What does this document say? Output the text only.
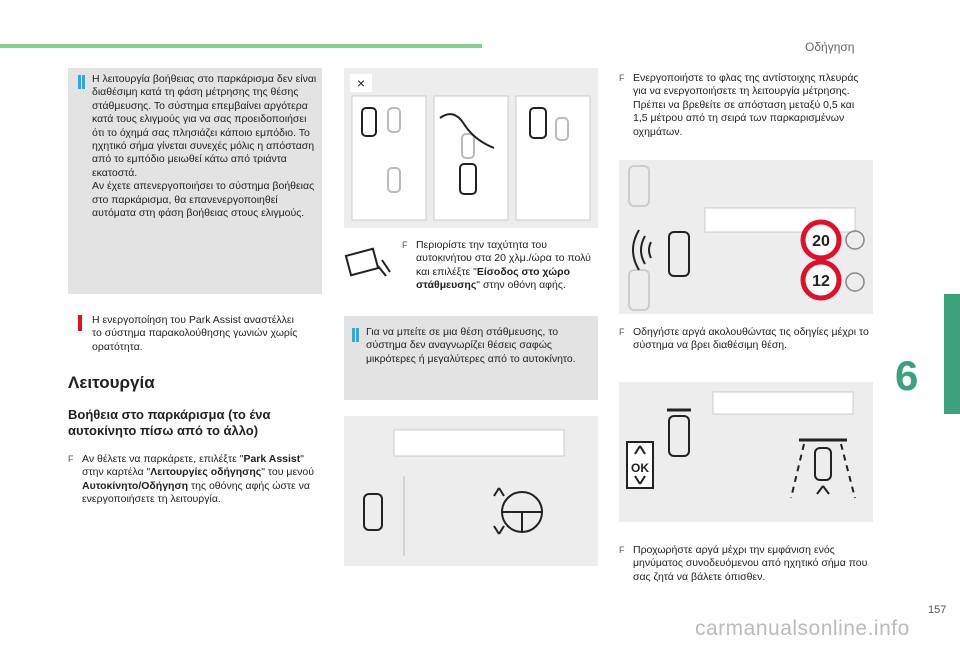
Οδήγηση
Η λειτουργία βοήθειας στο παρκάρισμα δεν είναι
διαθέσιμη κατά τη φάση μέτρησης της θέσης
στάθμευσης. Το σύστημα επεμβαίνει αργότερα
κατά τους ελιγμούς για να σας προειδοποιήσει
ότι το όχημά σας πλησιάζει κάποιο εμπόδιο. Το
ηχητικό σήμα γίνεται συνεχές μόλις η απόσταση
από το εμπόδιο μειωθεί κάτω από τριάντα
εκατοστά.
Αν έχετε απενεργοποιήσει το σύστημα βοήθειας
στο παρκάρισμα, θα επανενεργοποιηθεί
αυτόματα στη φάση βοήθειας στους ελιγμούς.
Η ενεργοποίηση του Park Assist αναστέλλει
το σύστημα παρακολούθησης γωνιών χωρίς
ορατότητα.
Λειτουργία
Βοήθεια στο παρκάρισμα (το ένα
αυτοκίνητο πίσω από το άλλο)
F Αν θέλετε να παρκάρετε, επιλέξτε "Park Assist"
στην καρτέλα "Λειτουργίες οδήγησης" του μενού
Αυτοκίνητο/Οδήγηση της οθόνης αφής ώστε να
ενεργοποιήσετε τη λειτουργία.
×
F Περιορίστε την ταχύτητα του
αυτοκινήτου στα 20 χλμ./ώρα το πολύ
και επιλέξτε "Είσοδος στο χώρο
στάθμευσης" στην οθόνη αφής.
Για να μπείτε σε μια θέση στάθμευσης, το
σύστημα δεν αναγνωρίζει θέσεις σαφώς
μικρότερες ή μεγαλύτερες από το αυτοκίνητο.
F Ενεργοποιήστε το φλας της αντίστοιχης πλευράς
για να ενεργοποιήσετε τη λειτουργία μέτρησης.
Πρέπει να βρεθείτε σε απόσταση μεταξύ 0,5 και
1,5 μέτρου από τη σειρά των παρκαρισμένων
οχημάτων.
20
12
F Οδηγήστε αργά ακολουθώντας τις οδηγίες μέχρι το
σύστημα να βρει διαθέσιμη θέση.
OK
F Προχωρήστε αργά μέχρι την εμφάνιση ενός
μηνύματος συνοδευόμενου από ηχητικό σήμα που
σας ζητά να βάλετε όπισθεν.
6
157
carmanualsonline.info
